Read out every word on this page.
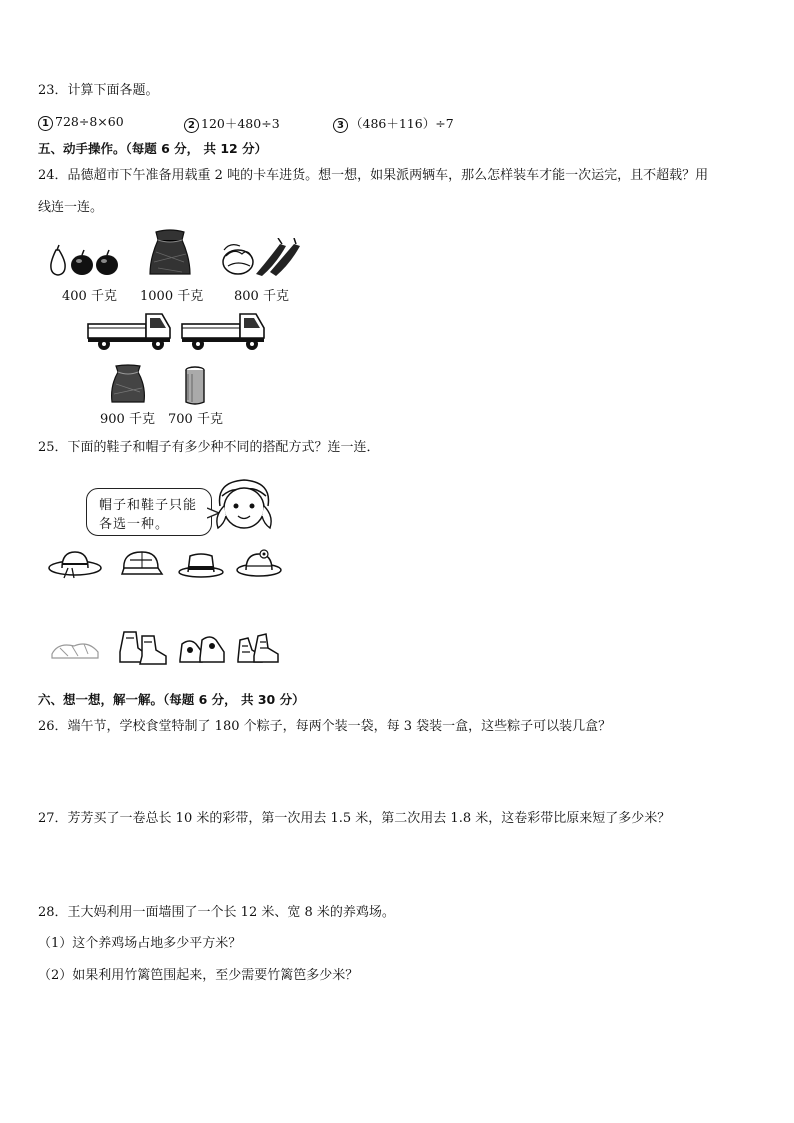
23．计算下面各题。
1 728÷8×60	2 120＋480÷3	3 （486＋116）÷7
五、动手操作。（每题 6 分， 共 12 分）
24．品德超市下午准备用载重 2 吨的卡车进货。想一想，如果派两辆车，那么怎样装车才能一次运完，且不超载？用
线连一连。
400 千克 1000 千克 800 千克
900 千克 700 千克
25．下面的鞋子和帽子有多少种不同的搭配方式？连一连．
帽子和鞋子只能
各选一种。
六、想一想，解一解。（每题 6 分， 共 30 分）
26．端午节，学校食堂特制了 180 个粽子，每两个装一袋，每 3 袋装一盒，这些粽子可以装几盒？
27．芳芳买了一卷总长 10 米的彩带，第一次用去 1.5 米，第二次用去 1.8 米，这卷彩带比原来短了多少米？
28．王大妈利用一面墙围了一个长 12 米、宽 8 米的养鸡场。
（1）这个养鸡场占地多少平方米？
（2）如果利用竹篱笆围起来，至少需要竹篱笆多少米？
